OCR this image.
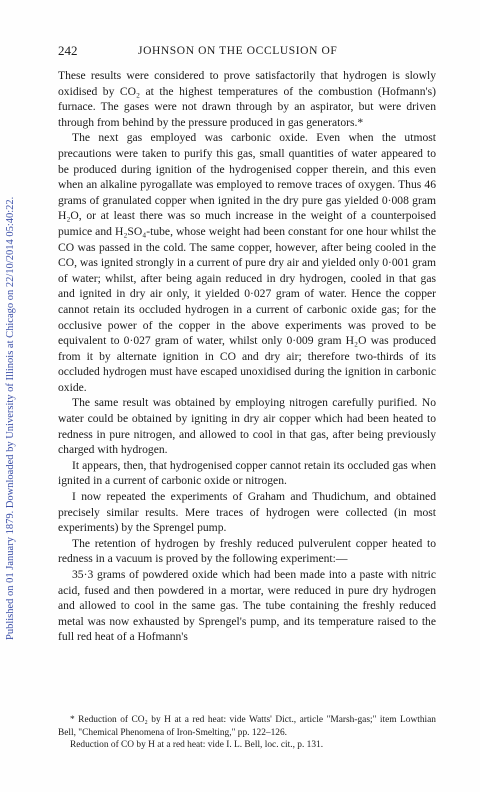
Published on 01 January 1879. Downloaded by University of Illinois at Chicago on 22/10/2014 05:40:22.
242	JOHNSON ON THE OCCLUSION OF

These results were considered to prove satisfactorily that hydrogen is slowly oxidised by CO₂ at the highest temperatures of the combustion (Hofmann's) furnace. The gases were not drawn through by an aspirator, but were driven through from behind by the pressure produced in gas generators.*

The next gas employed was carbonic oxide. Even when the utmost precautions were taken to purify this gas, small quantities of water appeared to be produced during ignition of the hydrogenised copper therein, and this even when an alkaline pyrogallate was employed to remove traces of oxygen. Thus 46 grams of granulated copper when ignited in the dry pure gas yielded 0·008 gram H₂O, or at least there was so much increase in the weight of a counterpoised pumice and H₂SO₄-tube, whose weight had been constant for one hour whilst the CO was passed in the cold. The same copper, however, after being cooled in the CO, was ignited strongly in a current of pure dry air and yielded only 0·001 gram of water; whilst, after being again reduced in dry hydrogen, cooled in that gas and ignited in dry air only, it yielded 0·027 gram of water. Hence the copper cannot retain its occluded hydrogen in a current of carbonic oxide gas; for the occlusive power of the copper in the above experiments was proved to be equivalent to 0·027 gram of water, whilst only 0·009 gram H₂O was produced from it by alternate ignition in CO and dry air; therefore two-thirds of its occluded hydrogen must have escaped unoxidised during the ignition in carbonic oxide.

The same result was obtained by employing nitrogen carefully purified. No water could be obtained by igniting in dry air copper which had been heated to redness in pure nitrogen, and allowed to cool in that gas, after being previously charged with hydrogen.

It appears, then, that hydrogenised copper cannot retain its occluded gas when ignited in a current of carbonic oxide or nitrogen.

I now repeated the experiments of Graham and Thudichum, and obtained precisely similar results. Mere traces of hydrogen were collected (in most experiments) by the Sprengel pump.

The retention of hydrogen by freshly reduced pulverulent copper heated to redness in a vacuum is proved by the following experiment:—

35·3 grams of powdered oxide which had been made into a paste with nitric acid, fused and then powdered in a mortar, were reduced in pure dry hydrogen and allowed to cool in the same gas. The tube containing the freshly reduced metal was now exhausted by Sprengel's pump, and its temperature raised to the full red heat of a Hofmann's

* Reduction of CO₂ by H at a red heat: vide Watts' Dict., article "Marsh-gas;" item Lowthian Bell, "Chemical Phenomena of Iron-Smelting," pp. 122–126.

Reduction of CO by H at a red heat: vide I. L. Bell, loc. cit., p. 131.
